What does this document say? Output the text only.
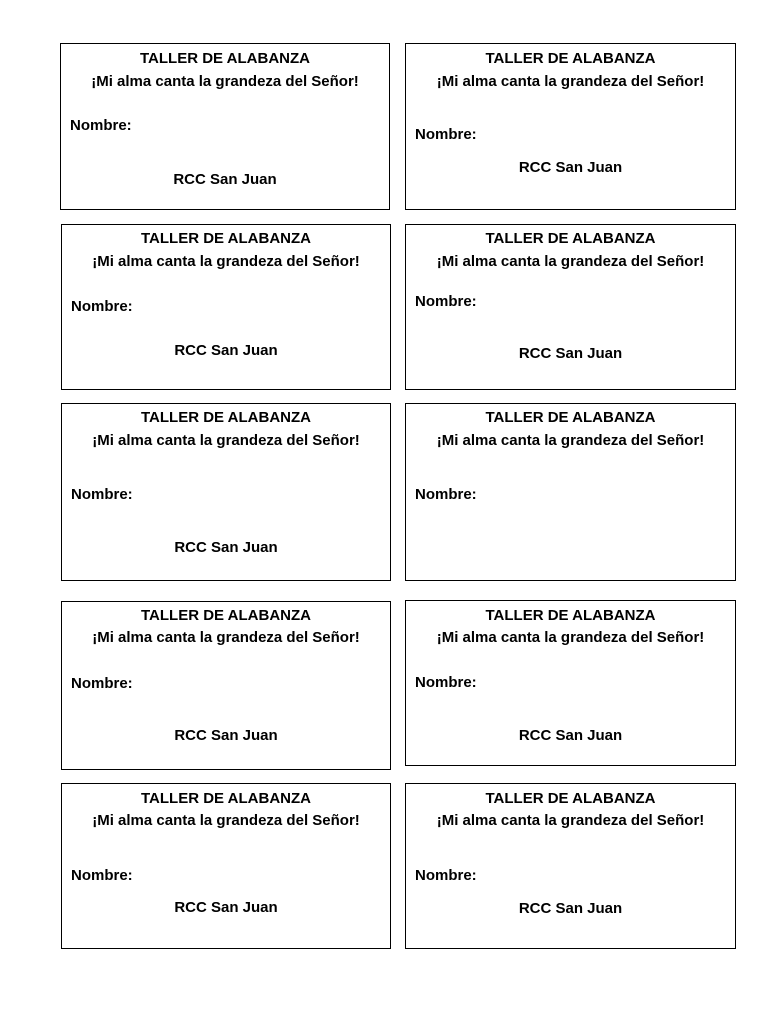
TALLER DE ALABANZA
¡Mi alma canta la grandeza del Señor!
Nombre:
RCC San Juan
TALLER DE ALABANZA
¡Mi alma canta la grandeza del Señor!
Nombre:
RCC San Juan
TALLER DE ALABANZA
¡Mi alma canta la grandeza del Señor!
Nombre:
RCC San Juan
TALLER DE ALABANZA
¡Mi alma canta la grandeza del Señor!
Nombre:
RCC San Juan
TALLER DE ALABANZA
¡Mi alma canta la grandeza del Señor!
Nombre:
RCC San Juan
TALLER DE ALABANZA
¡Mi alma canta la grandeza del Señor!
Nombre:
TALLER DE ALABANZA
¡Mi alma canta la grandeza del Señor!
Nombre:
RCC San Juan
TALLER DE ALABANZA
¡Mi alma canta la grandeza del Señor!
Nombre:
RCC San Juan
TALLER DE ALABANZA
¡Mi alma canta la grandeza del Señor!
Nombre:
RCC San Juan
TALLER DE ALABANZA
¡Mi alma canta la grandeza del Señor!
Nombre:
RCC San Juan
